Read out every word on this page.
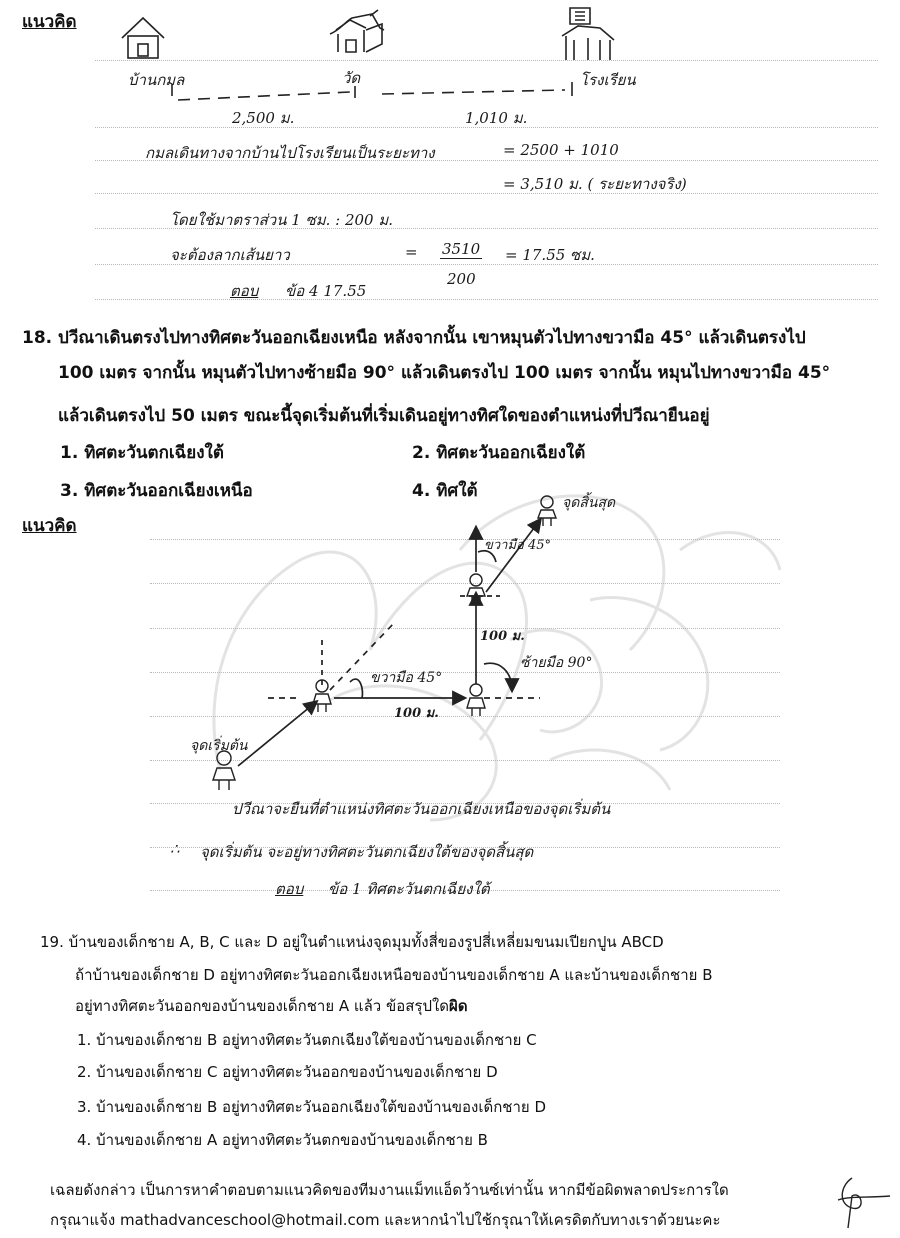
แนวคิด
บ้านกมล	วัด	โรงเรียน
2,500 ม.	1,010 ม.
กมลเดินทางจากบ้านไปโรงเรียนเป็นระยะทาง	= 2500 + 1010
= 3,510 ม. ( ระยะทางจริง)
โดยใช้มาตราส่วน 1 ซม. : 200 ม.
จะต้องลากเส้นยาว	= 3510
200
= 17.55 ซม.
ตอบ ข้อ 4 17.55
18. ปวีณาเดินตรงไปทางทิศตะวันออกเฉียงเหนือ หลังจากนั้น เขาหมุนตัวไปทางขวามือ 45° แล้วเดินตรงไป
100 เมตร จากนั้น หมุนตัวไปทางซ้ายมือ 90° แล้วเดินตรงไป 100 เมตร จากนั้น หมุนไปทางขวามือ 45°
แล้วเดินตรงไป 50 เมตร ขณะนี้จุดเริ่มต้นที่เริ่มเดินอยู่ทางทิศใดของตำแหน่งที่ปวีณายืนอยู่
1. ทิศตะวันตกเฉียงใต้	2. ทิศตะวันออกเฉียงใต้
3. ทิศตะวันออกเฉียงเหนือ	4. ทิศใต้
แนวคิด
จุดสิ้นสุด
ขวามือ 45°
100 ม.
ซ้ายมือ 90°
ขวามือ 45°
100 ม.
จุดเริ่มต้น
ปวีณาจะยืนที่ตำแหน่งทิศตะวันออกเฉียงเหนือของจุดเริ่มต้น
∴ จุดเริ่มต้น จะอยู่ทางทิศตะวันตกเฉียงใต้ของจุดสิ้นสุด
ตอบ ข้อ 1 ทิศตะวันตกเฉียงใต้
19. บ้านของเด็กชาย A, B, C และ D อยู่ในตำแหน่งจุดมุมทั้งสี่ของรูปสี่เหลี่ยมขนมเปียกปูน ABCD
ถ้าบ้านของเด็กชาย D อยู่ทางทิศตะวันออกเฉียงเหนือของบ้านของเด็กชาย A และบ้านของเด็กชาย B
อยู่ทางทิศตะวันออกของบ้านของเด็กชาย A แล้ว ข้อสรุปใดผิด
1. บ้านของเด็กชาย B อยู่ทางทิศตะวันตกเฉียงใต้ของบ้านของเด็กชาย C
2. บ้านของเด็กชาย C อยู่ทางทิศตะวันออกของบ้านของเด็กชาย D
3. บ้านของเด็กชาย B อยู่ทางทิศตะวันออกเฉียงใต้ของบ้านของเด็กชาย D
4. บ้านของเด็กชาย A อยู่ทางทิศตะวันตกของบ้านของเด็กชาย B
เฉลยดังกล่าว เป็นการหาคำตอบตามแนวคิดของทีมงานแม็ทแอ็ดว้านซ์เท่านั้น หากมีข้อผิดพลาดประการใด
กรุณาแจ้ง mathadvanceschool@hotmail.com และหากนำไปใช้กรุณาให้เครดิตกับทางเราด้วยนะคะ
